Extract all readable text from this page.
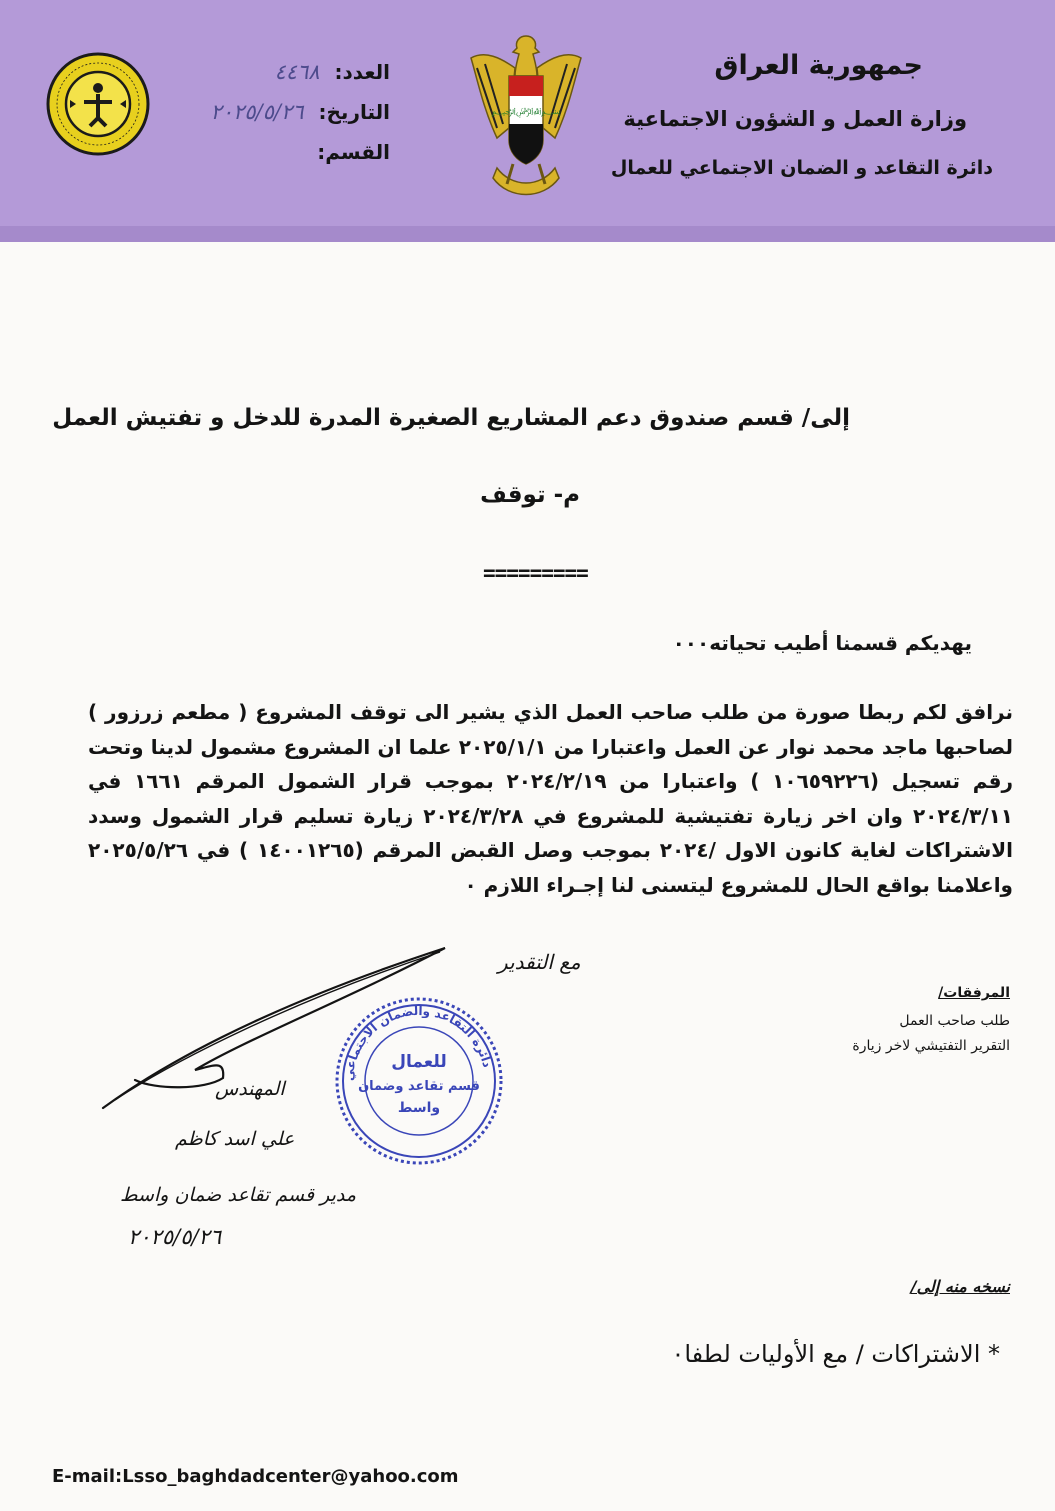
جمهورية العراق
وزارة العمل و الشؤون الاجتماعية
دائرة التقاعد و الضمان الاجتماعي للعمال
﷽
العدد: ٤٤٦٨
التاريخ: ٢٠٢٥/٥/٢٦
القسم:
إلى/ قسم صندوق دعم المشاريع الصغيرة المدرة للدخل و تفتيش العمل
م- توقف
=========
يهديكم قسمنا أطيب تحياته٠٠٠
نرافق لكم ربطا صورة من طلب صاحب العمل الذي يشير الى توقف المشروع ( مطعم زرزور ) لصاحبها ماجد محمد نوار عن العمل واعتبارا من ٢٠٢٥/١/١ علما ان المشروع مشمول لدينا وتحت رقم تسجيل (١٠٦٥٩٢٢٦ ) واعتبارا من ٢٠٢٤/٢/١٩ بموجب قرار الشمول المرقم ١٦٦١ في ٢٠٢٤/٣/١١ وان اخر زيارة تفتيشية للمشروع في ٢٠٢٤/٣/٢٨ زيارة تسليم قرار الشمول وسدد الاشتراكات لغاية كانون الاول /٢٠٢٤ بموجب وصل القبض المرقم (١٤٠٠١٢٦٥ ) في ٢٠٢٥/٥/٢٦ واعلامنا بواقع الحال للمشروع ليتسنى لنا إجـراء اللازم ٠
مع التقدير
المرفقات/
طلب صاحب العمل
التقرير التفتيشي لاخر زيارة
المهندس
علي اسد كاظم
مدير قسم تقاعد ضمان واسط
٢٠٢٥/٥/٢٦
دائرة التقاعد والضمان الاجتماعي
للعمال
قسم تقاعد وضمان
واسط
نسخه منه إلى/
* الاشتراكات / مع الأوليات لطفا٠
E-mail:Lsso_baghdadcenter@yahoo.com
